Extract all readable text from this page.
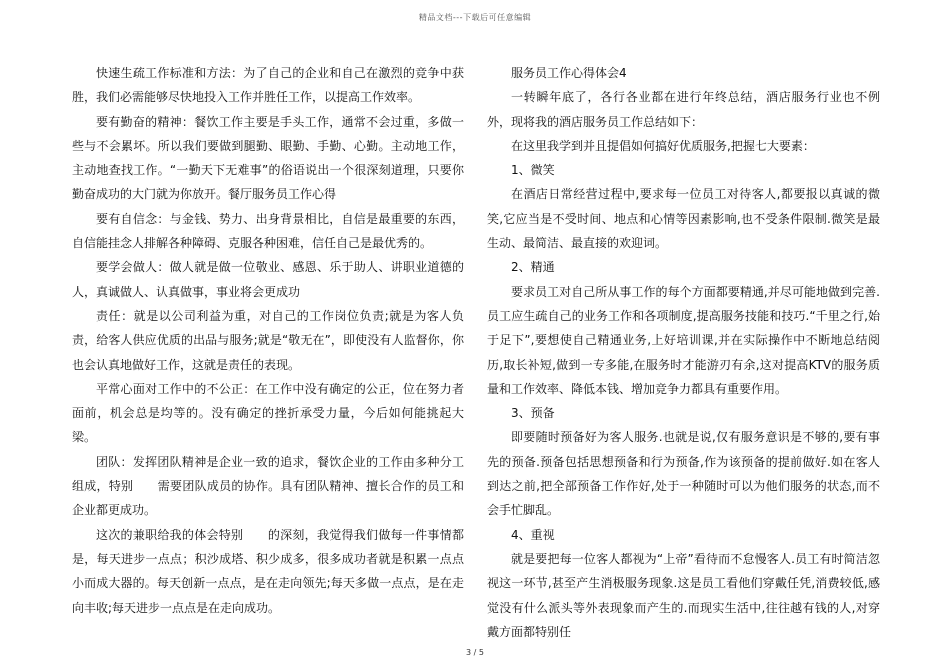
精品文档---下载后可任意编辑

快速生疏工作标准和方法：为了自己的企业和自己在激烈的竞争中获胜，我们必需能够尽快地投入工作并胜任工作，以提高工作效率。

要有勤奋的精神：餐饮工作主要是手头工作，通常不会过重，多做一些与不会累坏。所以我们要做到腿勤、眼勤、手勤、心勤。主动地工作，主动地查找工作。“一勤天下无难事”的俗语说出一个很深刻道理，只要你勤奋成功的大门就为你放开。餐厅服务员工作心得

要有自信念：与金钱、势力、出身背景相比，自信是最重要的东西，自信能挂念人排解各种障碍、克服各种困难，信任自己是最优秀的。

要学会做人：做人就是做一位敬业、感恩、乐于助人、讲职业道德的人，真诚做人、认真做事，事业将会更成功

责任：就是以公司利益为重，对自己的工作岗位负责;就是为客人负责，给客人供应优质的出品与服务;就是“敬无在”，即使没有人监督你，你也会认真地做好工作，这就是责任的表现。

平常心面对工作中的不公正：在工作中没有确定的公正，位在努力者面前，机会总是均等的。没有确定的挫折承受力量，今后如何能挑起大梁。

团队：发挥团队精神是企业一致的追求，餐饮企业的工作由多种分工组成，特别　　需要团队成员的协作。具有团队精神、擅长合作的员工和企业都更成功。

这次的兼职给我的体会特别　　的深刻，我觉得我们做每一件事情都是，每天进步一点点；积沙成塔、积少成多，很多成功者就是积累一点点小而成大器的。每天创新一点点，是在走向领先;每天多做一点点，是在走向丰收;每天进步一点点是在走向成功。

服务员工作心得体会4

一转瞬年底了，各行各业都在进行年终总结，酒店服务行业也不例外，现将我的酒店服务员工作总结如下：

在这里我学到并且提倡如何搞好优质服务,把握七大要素：

1、微笑

在酒店日常经营过程中,要求每一位员工对待客人,都要报以真诚的微笑,它应当是不受时间、地点和心情等因素影响,也不受条件限制.微笑是最生动、最简洁、最直接的欢迎词。

2、精通

要求员工对自己所从事工作的每个方面都要精通,并尽可能地做到完善.员工应生疏自己的业务工作和各项制度,提高服务技能和技巧.“千里之行,始于足下”,要想使自己精通业务,上好培训课,并在实际操作中不断地总结阅历,取长补短,做到一专多能,在服务时才能游刃有余,这对提高KTV的服务质量和工作效率、降低本钱、增加竞争力都具有重要作用。

3、预备

即要随时预备好为客人服务.也就是说,仅有服务意识是不够的,要有事先的预备.预备包括思想预备和行为预备,作为该预备的提前做好.如在客人到达之前,把全部预备工作作好,处于一种随时可以为他们服务的状态,而不会手忙脚乱。

4、重视

就是要把每一位客人都视为“上帝”看待而不怠慢客人.员工有时简洁忽视这一环节,甚至产生消极服务现象.这是员工看他们穿戴任凭,消费较低,感觉没有什么派头等外表现象而产生的.而现实生活中,往往越有钱的人,对穿戴方面都特别任

3 / 5
